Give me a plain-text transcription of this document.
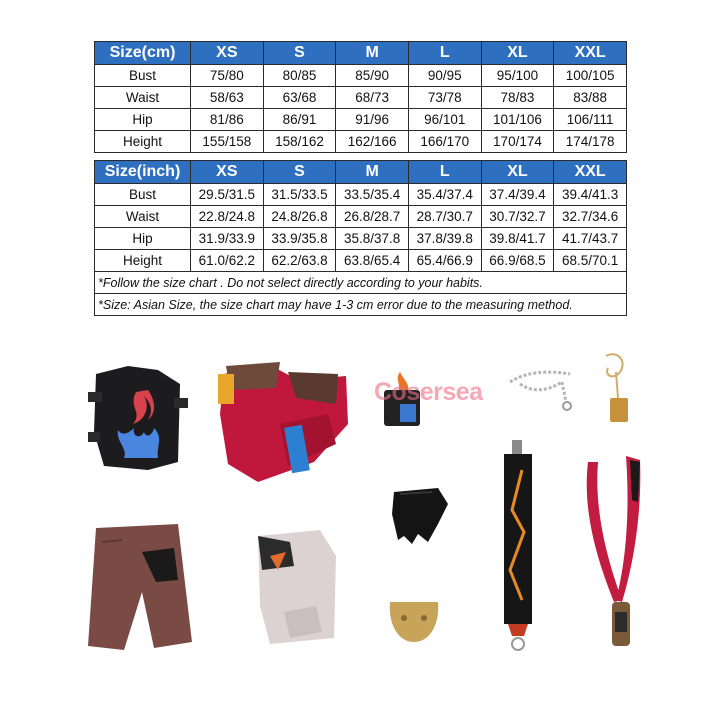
Size(cm)	XS	S	M	L	XL	XXL
Bust	75/80	80/85	85/90	90/95	95/100	100/105
Waist	58/63	63/68	68/73	73/78	78/83	83/88
Hip	81/86	86/91	91/96	96/101	101/106	106/111
Height	155/158	158/162	162/166	166/170	170/174	174/178
Size(inch)	XS	S	M	L	XL	XXL
Bust	29.5/31.5	31.5/33.5	33.5/35.4	35.4/37.4	37.4/39.4	39.4/41.3
Waist	22.8/24.8	24.8/26.8	26.8/28.7	28.7/30.7	30.7/32.7	32.7/34.6
Hip	31.9/33.9	33.9/35.8	35.8/37.8	37.8/39.8	39.8/41.7	41.7/43.7
Height	61.0/62.2	62.2/63.8	63.8/65.4	65.4/66.9	66.9/68.5	68.5/70.1
*Follow the size chart . Do not select directly according to your habits.						
*Size: Asian Size, the size chart may have 1-3 cm error due to the measuring method.						
Cosersea
